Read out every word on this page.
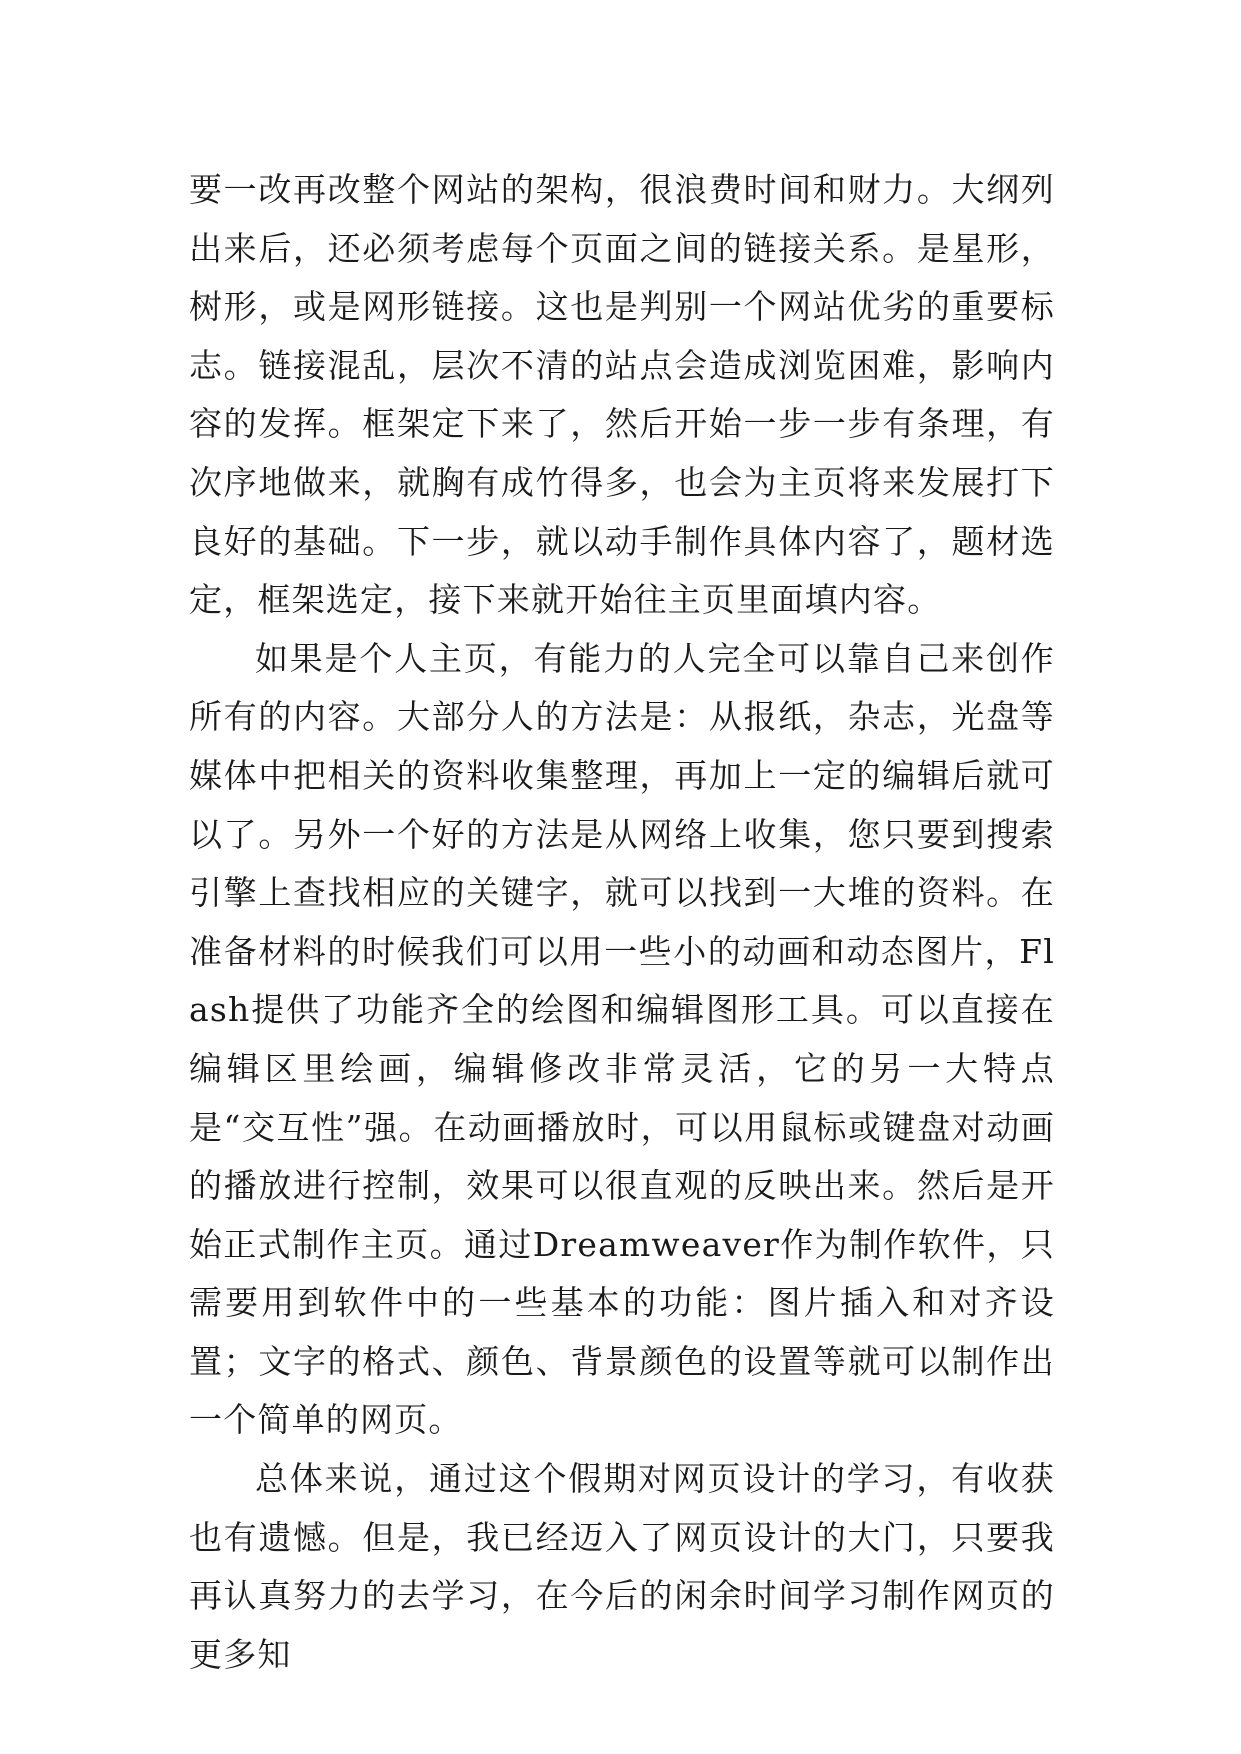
要一改再改整个网站的架构，很浪费时间和财力。大纲列出来后，还必须考虑每个页面之间的链接关系。是星形，树形，或是网形链接。这也是判别一个网站优劣的重要标志。链接混乱，层次不清的站点会造成浏览困难，影响内容的发挥。框架定下来了，然后开始一步一步有条理，有次序地做来，就胸有成竹得多，也会为主页将来发展打下良好的基础。下一步，就以动手制作具体内容了，题材选定，框架选定，接下来就开始往主页里面填内容。

如果是个人主页，有能力的人完全可以靠自己来创作所有的内容。大部分人的方法是：从报纸，杂志，光盘等媒体中把相关的资料收集整理，再加上一定的编辑后就可以了。另外一个好的方法是从网络上收集，您只要到搜索引擎上查找相应的关键字，就可以找到一大堆的资料。在准备材料的时候我们可以用一些小的动画和动态图片，Flash提供了功能齐全的绘图和编辑图形工具。可以直接在编辑区里绘画，编辑修改非常灵活，它的另一大特点是“交互性”强。在动画播放时，可以用鼠标或键盘对动画的播放进行控制，效果可以很直观的反映出来。然后是开始正式制作主页。通过Dreamweaver作为制作软件，只需要用到软件中的一些基本的功能：图片插入和对齐设置；文字的格式、颜色、背景颜色的设置等就可以制作出一个简单的网页。

总体来说，通过这个假期对网页设计的学习，有收获也有遗憾。但是，我已经迈入了网页设计的大门，只要我再认真努力的去学习，在今后的闲余时间学习制作网页的更多知
